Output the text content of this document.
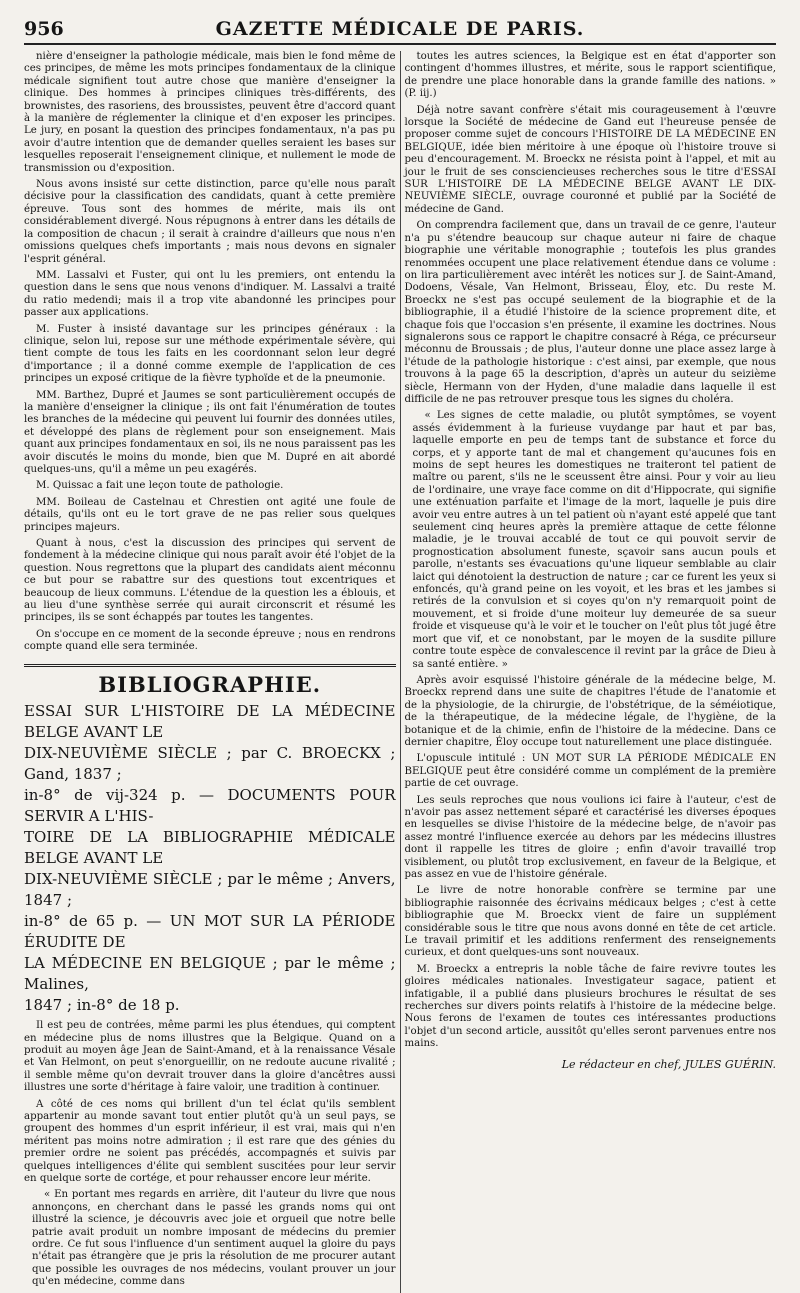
956	GAZETTE MÉDICALE DE PARIS.

nière d'enseigner la pathologie médicale, mais bien le fond même de ces principes, de même les mots principes fondamentaux de la clinique médicale signifient tout autre chose que manière d'enseigner la clinique. Des hommes à principes cliniques très-différents, des brownistes, des rasoriens, des broussistes, peuvent être d'accord quant à la manière de réglementer la clinique et d'en exposer les principes. Le jury, en posant la question des principes fondamentaux, n'a pas pu avoir d'autre intention que de demander quelles seraient les bases sur lesquelles reposerait l'enseignement clinique, et nullement le mode de transmission ou d'exposition.

Nous avons insisté sur cette distinction, parce qu'elle nous paraît décisive pour la classification des candidats, quant à cette première épreuve. Tous sont des hommes de mérite, mais ils ont considérablement divergé. Nous répugnons à entrer dans les détails de la composition de chacun ; il serait à craindre d'ailleurs que nous n'en omissions quelques chefs importants ; mais nous devons en signaler l'esprit général.

MM. Lassalvi et Fuster, qui ont lu les premiers, ont entendu la question dans le sens que nous venons d'indiquer. M. Lassalvi a traité du ratio medendi; mais il a trop vite abandonné les principes pour passer aux applications.

M. Fuster à insisté davantage sur les principes généraux : la clinique, selon lui, repose sur une méthode expérimentale sévère, qui tient compte de tous les faits en les coordonnant selon leur degré d'importance ; il a donné comme exemple de l'application de ces principes un exposé critique de la fièvre typhoïde et de la pneumonie.

MM. Barthez, Dupré et Jaumes se sont particulièrement occupés de la manière d'enseigner la clinique ; ils ont fait l'énumération de toutes les branches de la médecine qui peuvent lui fournir des données utiles, et développé des plans de règlement pour son enseignement. Mais quant aux principes fondamentaux en soi, ils ne nous paraissent pas les avoir discutés le moins du monde, bien que M. Dupré en ait abordé quelques-uns, qu'il a même un peu exagérés.

M. Quissac a fait une leçon toute de pathologie.

MM. Boileau de Castelnau et Chrestien ont agité une foule de détails, qu'ils ont eu le tort grave de ne pas relier sous quelques principes majeurs.

Quant à nous, c'est la discussion des principes qui servent de fondement à la médecine clinique qui nous paraît avoir été l'objet de la question. Nous regrettons que la plupart des candidats aient méconnu ce but pour se rabattre sur des questions tout excentriques et beaucoup de lieux communs. L'étendue de la question les a éblouis, et au lieu d'une synthèse serrée qui aurait circonscrit et résumé les principes, ils se sont échappés par toutes les tangentes.

On s'occupe en ce moment de la seconde épreuve ; nous en rendrons compte quand elle sera terminée.

BIBLIOGRAPHIE.

ESSAI SUR L'HISTOIRE DE LA MÉDECINE BELGE AVANT LE
DIX-NEUVIÈME SIÈCLE ; par C. BROECKX ; Gand, 1837 ;
in-8° de vij-324 p. — DOCUMENTS POUR SERVIR A L'HIS-
TOIRE DE LA BIBLIOGRAPHIE MÉDICALE BELGE AVANT LE
DIX-NEUVIÈME SIÈCLE ; par le même ; Anvers, 1847 ;
in-8° de 65 p. — UN MOT SUR LA PÉRIODE ÉRUDITE DE
LA MÉDECINE EN BELGIQUE ; par le même ; Malines,
1847 ; in-8° de 18 p.

Il est peu de contrées, même parmi les plus étendues, qui comptent en médecine plus de noms illustres que la Belgique. Quand on a produit au moyen âge Jean de Saint-Amand, et à la renaissance Vésale et Van Helmont, on peut s'enorgueillir, on ne redoute aucune rivalité ; il semble même qu'on devrait trouver dans la gloire d'ancêtres aussi illustres une sorte d'héritage à faire valoir, une tradition à continuer.

A côté de ces noms qui brillent d'un tel éclat qu'ils semblent appartenir au monde savant tout entier plutôt qu'à un seul pays, se groupent des hommes d'un esprit inférieur, il est vrai, mais qui n'en méritent pas moins notre admiration ; il est rare que des génies du premier ordre ne soient pas précédés, accompagnés et suivis par quelques intelligences d'élite qui semblent suscitées pour leur servir en quelque sorte de cortége, et pour rehausser encore leur mérite.

« En portant mes regards en arrière, dit l'auteur du livre que nous annonçons, en cherchant dans le passé les grands noms qui ont illustré la science, je découvris avec joie et orgueil que notre belle patrie avait produit un nombre imposant de médecins du premier ordre. Ce fut sous l'influence d'un sentiment auquel la gloire du pays n'était pas étrangère que je pris la résolution de me procurer autant que possible les ouvrages de nos médecins, voulant prouver un jour qu'en médecine, comme dans

toutes les autres sciences, la Belgique est en état d'apporter son contingent d'hommes illustres, et mérite, sous le rapport scientifique, de prendre une place honorable dans la grande famille des nations. » (P. iij.)

Déjà notre savant confrère s'était mis courageusement à l'œuvre lorsque la Société de médecine de Gand eut l'heureuse pensée de proposer comme sujet de concours l'HISTOIRE DE LA MÉDECINE EN BELGIQUE, idée bien méritoire à une époque où l'histoire trouve si peu d'encouragement. M. Broeckx ne résista point à l'appel, et mit au jour le fruit de ses consciencieuses recherches sous le titre d'ESSAI SUR L'HISTOIRE DE LA MÉDECINE BELGE AVANT LE DIX-NEUVIÈME SIÈCLE, ouvrage couronné et publié par la Société de médecine de Gand.

On comprendra facilement que, dans un travail de ce genre, l'auteur n'a pu s'étendre beaucoup sur chaque auteur ni faire de chaque biographie une véritable monographie ; toutefois les plus grandes renommées occupent une place relativement étendue dans ce volume : on lira particulièrement avec intérêt les notices sur J. de Saint-Amand, Dodoens, Vésale, Van Helmont, Brisseau, Éloy, etc. Du reste M. Broeckx ne s'est pas occupé seulement de la biographie et de la bibliographie, il a étudié l'histoire de la science proprement dite, et chaque fois que l'occasion s'en présente, il examine les doctrines. Nous signalerons sous ce rapport le chapitre consacré à Réga, ce précurseur méconnu de Broussais ; de plus, l'auteur donne une place assez large à l'étude de la pathologie historique : c'est ainsi, par exemple, que nous trouvons à la page 65 la description, d'après un auteur du seizième siècle, Hermann von der Hyden, d'une maladie dans laquelle il est difficile de ne pas retrouver presque tous les signes du choléra.

« Les signes de cette maladie, ou plutôt symptômes, se voyent assés évidemment à la furieuse vuydange par haut et par bas, laquelle emporte en peu de temps tant de substance et force du corps, et y apporte tant de mal et changement qu'aucunes fois en moins de sept heures les domestiques ne traiteront tel patient de maître ou parent, s'ils ne le sceussent être ainsi. Pour y voir au lieu de l'ordinaire, une vraye face comme on dit d'Hippocrate, qui signifie une exténuation parfaite et l'image de la mort, laquelle je puis dire avoir veu entre autres à un tel patient où n'ayant esté appelé que tant seulement cinq heures après la première attaque de cette félonne maladie, je le trouvai accablé de tout ce qui pouvoit servir de prognostication absolument funeste, sçavoir sans aucun pouls et parolle, n'estants ses évacuations qu'une liqueur semblable au clair laict qui dénotoient la destruction de nature ; car ce furent les yeux si enfoncés, qu'à grand peine on les voyoit, et les bras et les jambes si retirés de la convulsion et si coyes qu'on n'y remarquoit point de mouvement, et si froide d'une moiteur luy demeurée de sa sueur froide et visqueuse qu'à le voir et le toucher on l'eût plus tôt jugé être mort que vif, et ce nonobstant, par le moyen de la susdite pillure contre toute espèce de convalescence il revint par la grâce de Dieu à sa santé entière. »

Après avoir esquissé l'histoire générale de la médecine belge, M. Broeckx reprend dans une suite de chapitres l'étude de l'anatomie et de la physiologie, de la chirurgie, de l'obstétrique, de la séméiotique, de la thérapeutique, de la médecine légale, de l'hygiène, de la botanique et de la chimie, enfin de l'histoire de la médecine. Dans ce dernier chapitre, Éloy occupe tout naturellement une place distinguée.

L'opuscule intitulé : UN MOT SUR LA PÉRIODE MÉDICALE EN BELGIQUE peut être considéré comme un complément de la première partie de cet ouvrage.

Les seuls reproches que nous voulions ici faire à l'auteur, c'est de n'avoir pas assez nettement séparé et caractérisé les diverses époques en lesquelles se divise l'histoire de la médecine belge, de n'avoir pas assez montré l'influence exercée au dehors par les médecins illustres dont il rappelle les titres de gloire ; enfin d'avoir travaillé trop visiblement, ou plutôt trop exclusivement, en faveur de la Belgique, et pas assez en vue de l'histoire générale.

Le livre de notre honorable confrère se termine par une bibliographie raisonnée des écrivains médicaux belges ; c'est à cette bibliographie que M. Broeckx vient de faire un supplément considérable sous le titre que nous avons donné en tête de cet article. Le travail primitif et les additions renferment des renseignements curieux, et dont quelques-uns sont nouveaux.

M. Broeckx a entrepris la noble tâche de faire revivre toutes les gloires médicales nationales. Investigateur sagace, patient et infatigable, il a publié dans plusieurs brochures le résultat de ses recherches sur divers points relatifs à l'histoire de la médecine belge. Nous ferons de l'examen de toutes ces intéressantes productions l'objet d'un second article, aussitôt qu'elles seront parvenues entre nos mains.

Le rédacteur en chef, JULES GUÉRIN.
